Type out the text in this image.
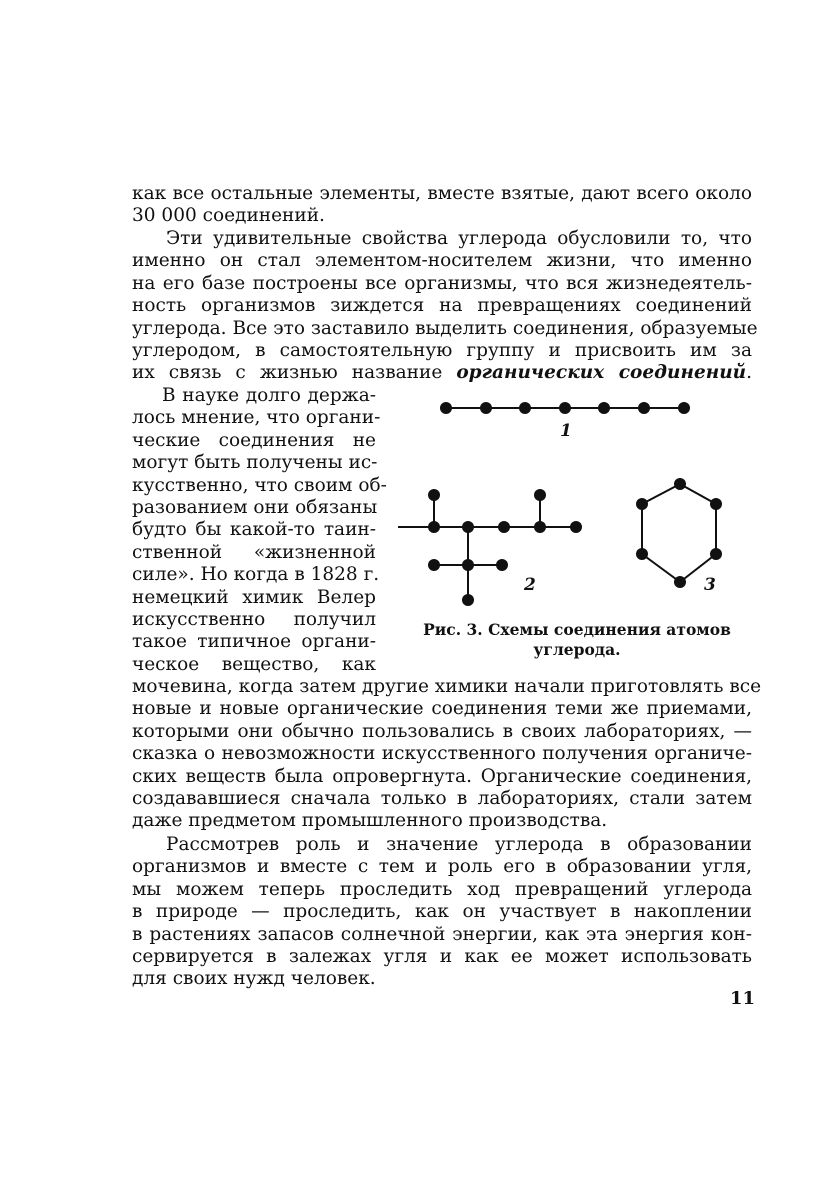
как все остальные элементы, вместе взятые, дают всего около
30 000 соединений.
Эти удивительные свойства углерода обусловили то, что
именно он стал элементом-носителем жизни, что именно
на его базе построены все организмы, что вся жизнедеятель-
ность организмов зиждется на превращениях соединений
углерода. Все это заставило выделить соединения, образуемые
углеродом, в самостоятельную группу и присвоить им за
их связь с жизнью название органических соединений.
В науке долго держа-
лось мнение, что органи-
ческие соединения не
могут быть получены ис-
кусственно, что своим об-
разованием они обязаны
будто бы какой-то таин-
ственной «жизненной
силе». Но когда в 1828 г.
немецкий химик Велер
искусственно получил
такое типичное органи-
ческое вещество, как
1
2	3
Рис. 3. Схемы соединения атомов
углерода.
мочевина, когда затем другие химики начали приготовлять все
новые и новые органические соединения теми же приемами,
которыми они обычно пользовались в своих лабораториях, —
сказка о невозможности искусственного получения органиче-
ских веществ была опровергнута. Органические соединения,
создававшиеся сначала только в лабораториях, стали затем
даже предметом промышленного производства.
Рассмотрев роль и значение углерода в образовании
организмов и вместе с тем и роль его в образовании угля,
мы можем теперь проследить ход превращений углерода
в природе — проследить, как он участвует в накоплении
в растениях запасов солнечной энергии, как эта энергия кон-
сервируется в залежах угля и как ее может использовать
для своих нужд человек.
11
